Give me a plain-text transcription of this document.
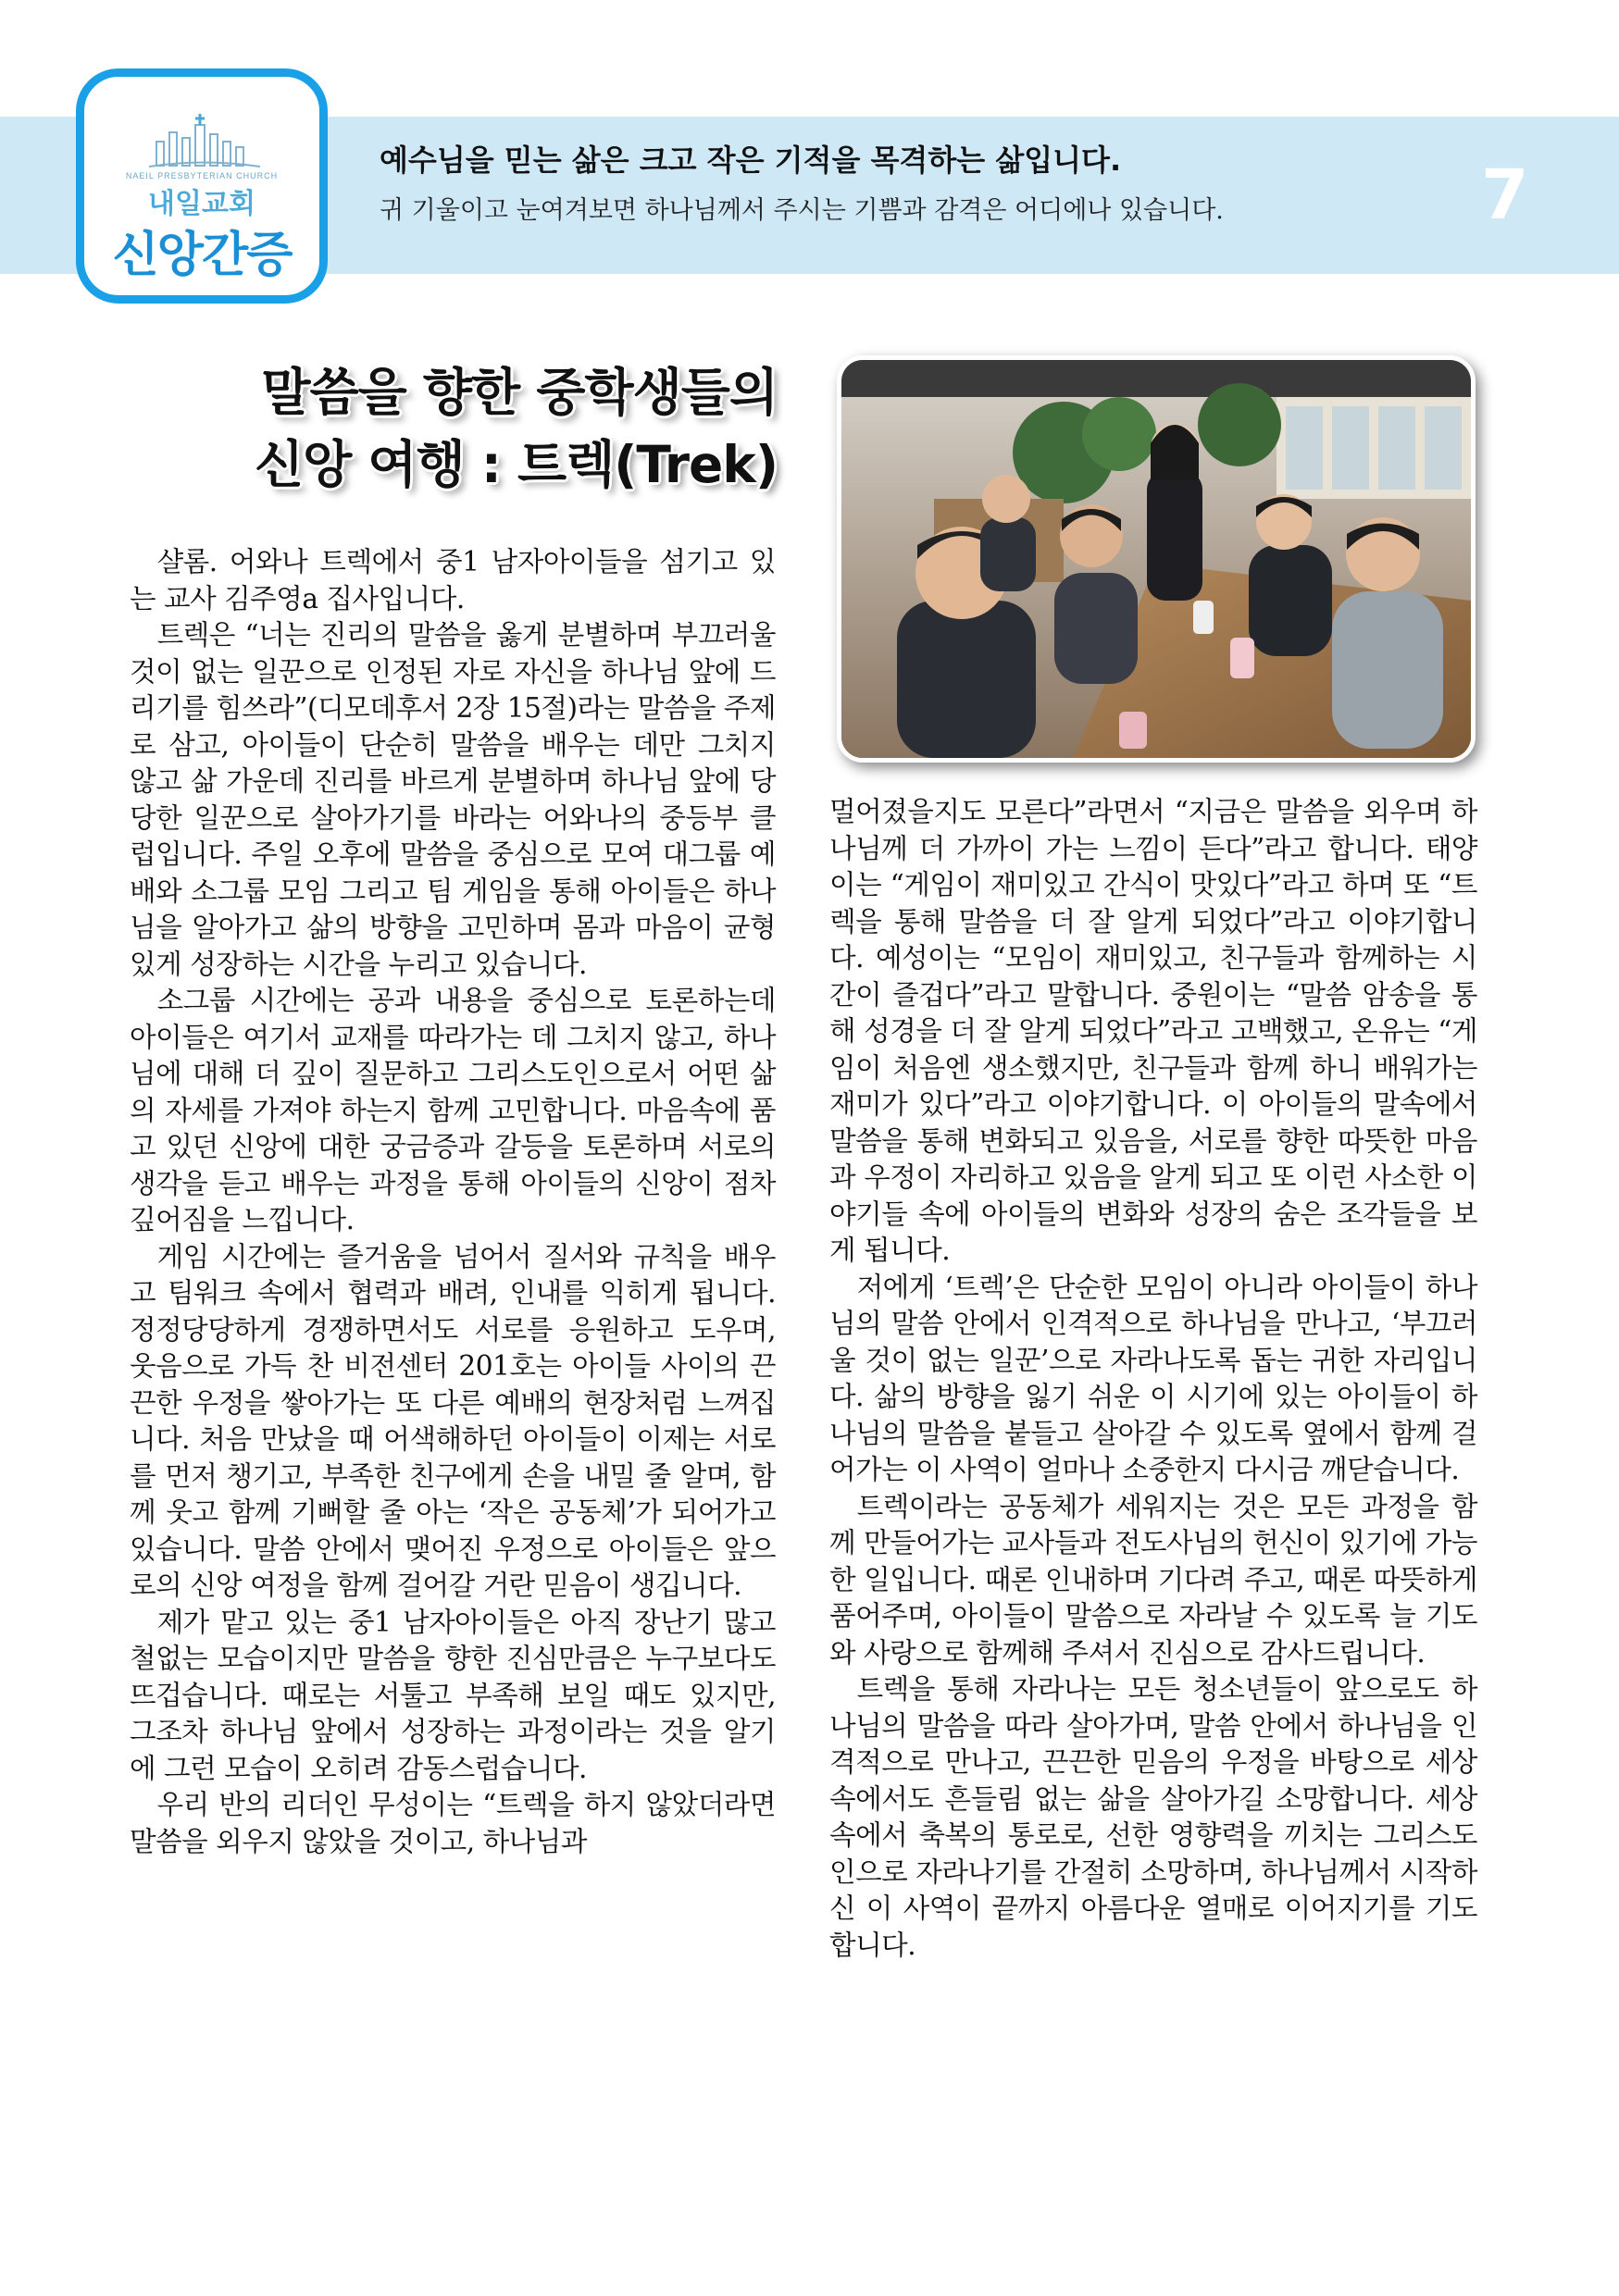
NAEIL PRESBYTERIAN CHURCH
내일교회
신앙간증
예수님을 믿는 삶은 크고 작은 기적을 목격하는 삶입니다.
귀 기울이고 눈여겨보면 하나님께서 주시는 기쁨과 감격은 어디에나 있습니다.	7
말씀을 향한 중학생들의
신앙 여행 : 트렉(Trek)

샬롬. 어와나 트렉에서 중1 남자아이들을 섬기고 있는 교사 김주영a 집사입니다.

트렉은 “너는 진리의 말씀을 옳게 분별하며 부끄러울 것이 없는 일꾼으로 인정된 자로 자신을 하나님 앞에 드리기를 힘쓰라”(디모데후서 2장 15절)라는 말씀을 주제로 삼고, 아이들이 단순히 말씀을 배우는 데만 그치지 않고 삶 가운데 진리를 바르게 분별하며 하나님 앞에 당당한 일꾼으로 살아가기를 바라는 어와나의 중등부 클럽입니다. 주일 오후에 말씀을 중심으로 모여 대그룹 예배와 소그룹 모임 그리고 팀 게임을 통해 아이들은 하나님을 알아가고 삶의 방향을 고민하며 몸과 마음이 균형 있게 성장하는 시간을 누리고 있습니다.

소그룹 시간에는 공과 내용을 중심으로 토론하는데 아이들은 여기서 교재를 따라가는 데 그치지 않고, 하나님에 대해 더 깊이 질문하고 그리스도인으로서 어떤 삶의 자세를 가져야 하는지 함께 고민합니다. 마음속에 품고 있던 신앙에 대한 궁금증과 갈등을 토론하며 서로의 생각을 듣고 배우는 과정을 통해 아이들의 신앙이 점차 깊어짐을 느낍니다.

게임 시간에는 즐거움을 넘어서 질서와 규칙을 배우고 팀워크 속에서 협력과 배려, 인내를 익히게 됩니다. 정정당당하게 경쟁하면서도 서로를 응원하고 도우며, 웃음으로 가득 찬 비전센터 201호는 아이들 사이의 끈끈한 우정을 쌓아가는 또 다른 예배의 현장처럼 느껴집니다. 처음 만났을 때 어색해하던 아이들이 이제는 서로를 먼저 챙기고, 부족한 친구에게 손을 내밀 줄 알며, 함께 웃고 함께 기뻐할 줄 아는 ‘작은 공동체’가 되어가고 있습니다. 말씀 안에서 맺어진 우정으로 아이들은 앞으로의 신앙 여정을 함께 걸어갈 거란 믿음이 생깁니다.

제가 맡고 있는 중1 남자아이들은 아직 장난기 많고 철없는 모습이지만 말씀을 향한 진심만큼은 누구보다도 뜨겁습니다. 때로는 서툴고 부족해 보일 때도 있지만, 그조차 하나님 앞에서 성장하는 과정이라는 것을 알기에 그런 모습이 오히려 감동스럽습니다.

우리 반의 리더인 무성이는 “트렉을 하지 않았더라면 말씀을 외우지 않았을 것이고, 하나님과

멀어졌을지도 모른다”라면서 “지금은 말씀을 외우며 하나님께 더 가까이 가는 느낌이 든다”라고 합니다. 태양이는 “게임이 재미있고 간식이 맛있다”라고 하며 또 “트렉을 통해 말씀을 더 잘 알게 되었다”라고 이야기합니다. 예성이는 “모임이 재미있고, 친구들과 함께하는 시간이 즐겁다”라고 말합니다. 중원이는 “말씀 암송을 통해 성경을 더 잘 알게 되었다”라고 고백했고, 온유는 “게임이 처음엔 생소했지만, 친구들과 함께 하니 배워가는 재미가 있다”라고 이야기합니다. 이 아이들의 말속에서 말씀을 통해 변화되고 있음을, 서로를 향한 따뜻한 마음과 우정이 자리하고 있음을 알게 되고 또 이런 사소한 이야기들 속에 아이들의 변화와 성장의 숨은 조각들을 보게 됩니다.

저에게 ‘트렉’은 단순한 모임이 아니라 아이들이 하나님의 말씀 안에서 인격적으로 하나님을 만나고, ‘부끄러울 것이 없는 일꾼’으로 자라나도록 돕는 귀한 자리입니다. 삶의 방향을 잃기 쉬운 이 시기에 있는 아이들이 하나님의 말씀을 붙들고 살아갈 수 있도록 옆에서 함께 걸어가는 이 사역이 얼마나 소중한지 다시금 깨닫습니다.

트렉이라는 공동체가 세워지는 것은 모든 과정을 함께 만들어가는 교사들과 전도사님의 헌신이 있기에 가능한 일입니다. 때론 인내하며 기다려 주고, 때론 따뜻하게 품어주며, 아이들이 말씀으로 자라날 수 있도록 늘 기도와 사랑으로 함께해 주셔서 진심으로 감사드립니다.

트렉을 통해 자라나는 모든 청소년들이 앞으로도 하나님의 말씀을 따라 살아가며, 말씀 안에서 하나님을 인격적으로 만나고, 끈끈한 믿음의 우정을 바탕으로 세상 속에서도 흔들림 없는 삶을 살아가길 소망합니다. 세상 속에서 축복의 통로로, 선한 영향력을 끼치는 그리스도인으로 자라나기를 간절히 소망하며, 하나님께서 시작하신 이 사역이 끝까지 아름다운 열매로 이어지기를 기도합니다.
